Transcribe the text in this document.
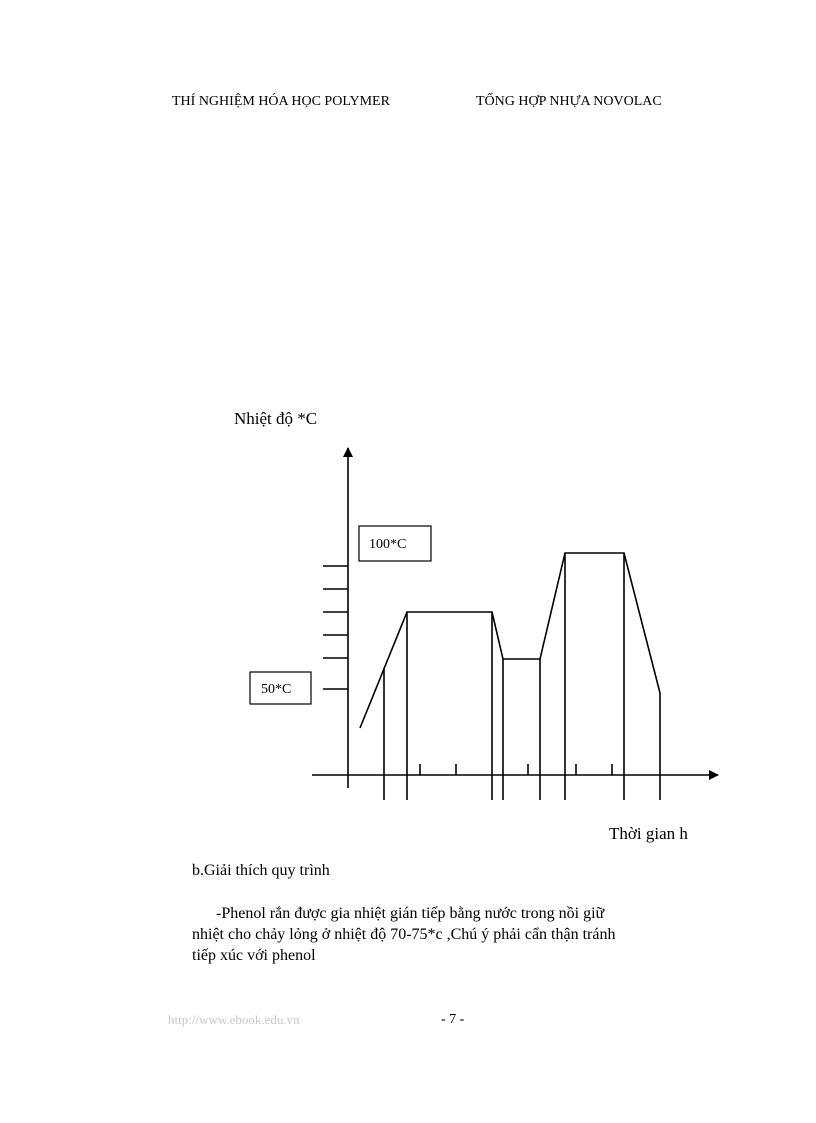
THÍ NGHIỆM HÓA HỌC POLYMER	TỔNG HỢP NHỰA NOVOLAC
Nhiệt độ *C
Thời gian h
100*C
50*C
b.Giải thích quy trình
-Phenol rắn được gia nhiệt gián tiếp bằng nước trong nồi giữ
nhiệt cho chảy lỏng ở nhiệt độ 70-75*c ,Chú ý phải cẩn thận tránh
tiếp xúc với phenol
http://www.ebook.edu.vn	- 7 -
